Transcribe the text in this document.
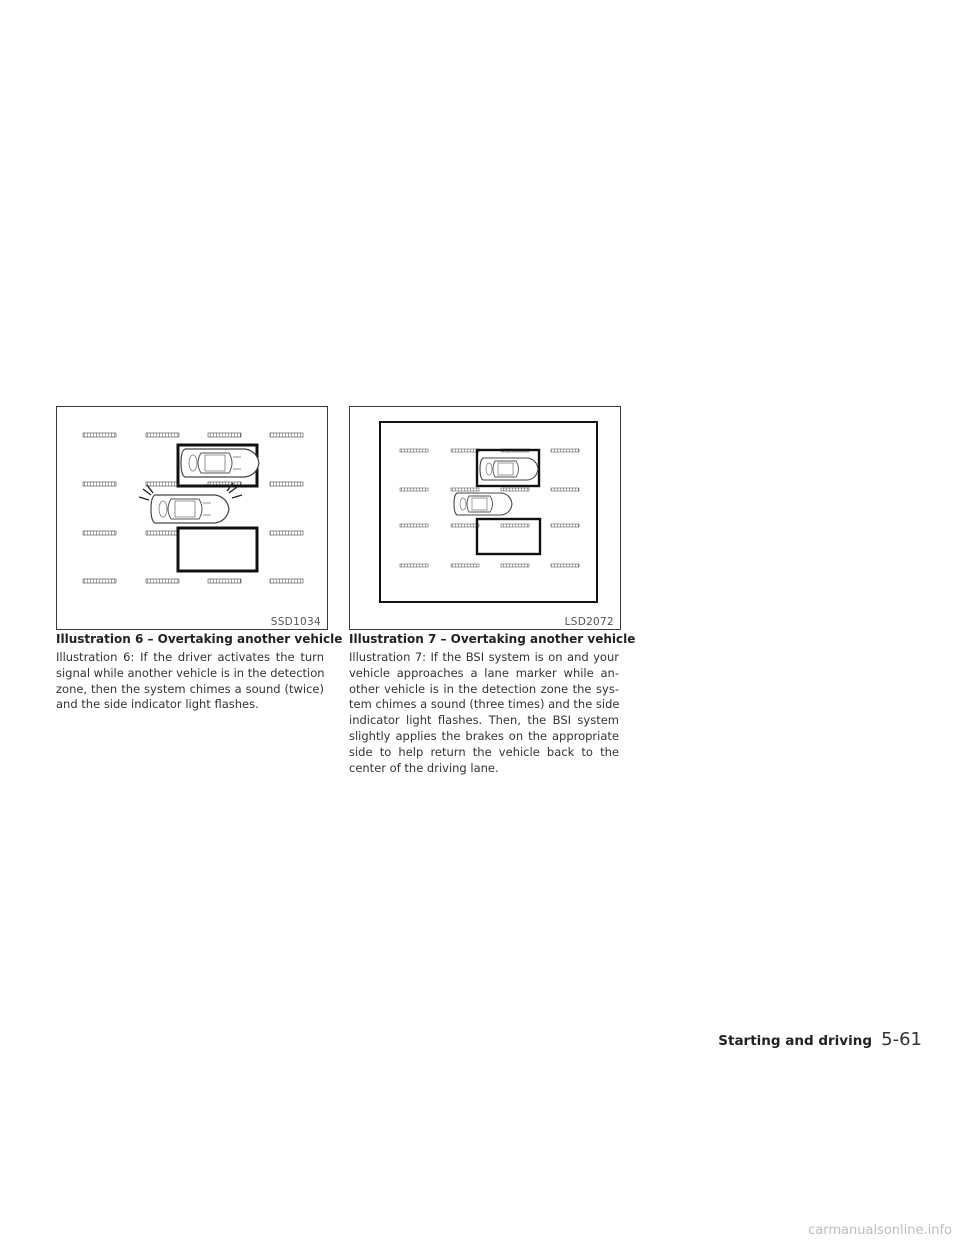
SSD1034
Illustration 6 – Overtaking another vehicle

Illustration 6: If the driver activates the turn
signal while another vehicle is in the detection
zone, then the system chimes a sound (twice)
and the side indicator light flashes.

LSD2072
Illustration 7 – Overtaking another vehicle

Illustration 7: If the BSI system is on and your
vehicle approaches a lane marker while an-
other vehicle is in the detection zone the sys-
tem chimes a sound (three times) and the side
indicator light flashes. Then, the BSI system
slightly applies the brakes on the appropriate
side to help return the vehicle back to the
center of the driving lane.

Starting and driving 5-61
carmanualsonline.info
